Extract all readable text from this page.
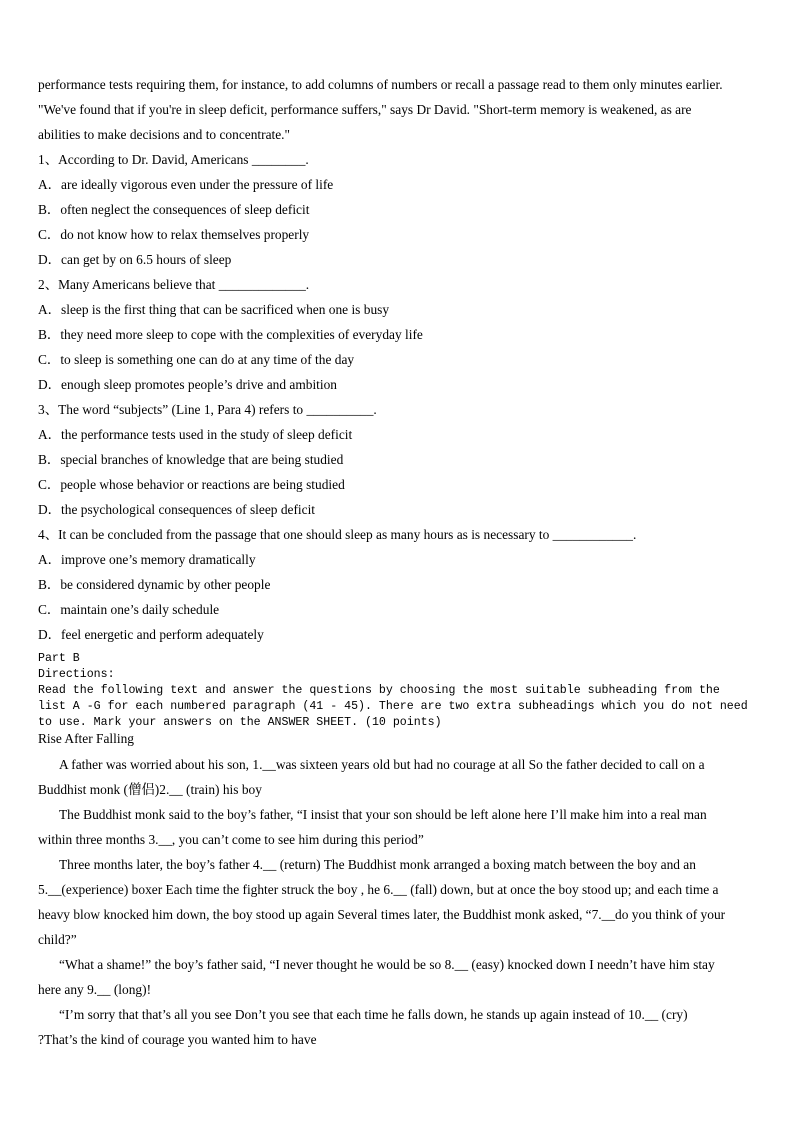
performance tests requiring them, for instance, to add columns of numbers or recall a passage read to them only minutes earlier.
"We've found that if you're in sleep deficit, performance suffers," says Dr David. "Short-term memory is weakened, as are
abilities to make decisions and to concentrate."
1、According to Dr. David, Americans ________.
A．are ideally vigorous even under the pressure of life
B．often neglect the consequences of sleep deficit
C．do not know how to relax themselves properly
D．can get by on 6.5 hours of sleep
2、Many Americans believe that _____________.
A．sleep is the first thing that can be sacrificed when one is busy
B．they need more sleep to cope with the complexities of everyday life
C．to sleep is something one can do at any time of the day
D．enough sleep promotes people’s drive and ambition
3、The word “subjects” (Line 1, Para 4) refers to __________.
A．the performance tests used in the study of sleep deficit
B．special branches of knowledge that are being studied
C．people whose behavior or reactions are being studied
D．the psychological consequences of sleep deficit
4、It can be concluded from the passage that one should sleep as many hours as is necessary to ____________.
A．improve one’s memory dramatically
B．be considered dynamic by other people
C．maintain one’s daily schedule
D．feel energetic and perform adequately
Part B
Directions:
Read the following text and answer the questions by choosing the most suitable subheading from the
list A -G for each numbered paragraph (41 - 45). There are two extra subheadings which you do not need
to use. Mark your answers on the ANSWER SHEET. (10 points)
Rise After Falling
A father was worried about his son, 1.__was sixteen years old but had no courage at all So the father decided to call on a
Buddhist monk (僧侣)2.__ (train) his boy
The Buddhist monk said to the boy’s father, “I insist that your son should be left alone here I’ll make him into a real man
within three months 3.__, you can’t come to see him during this period”
Three months later, the boy’s father 4.__ (return) The Buddhist monk arranged a boxing match between the boy and an
5.__(experience) boxer Each time the fighter struck the boy , he 6.__ (fall) down, but at once the boy stood up; and each time a
heavy blow knocked him down, the boy stood up again Several times later, the Buddhist monk asked, “7.__do you think of your
child?”
“What a shame!” the boy’s father said, “I never thought he would be so 8.__ (easy) knocked down I needn’t have him stay
here any 9.__ (long)!
“I’m sorry that that’s all you see Don’t you see that each time he falls down, he stands up again instead of 10.__ (cry)
?That’s the kind of courage you wanted him to have
